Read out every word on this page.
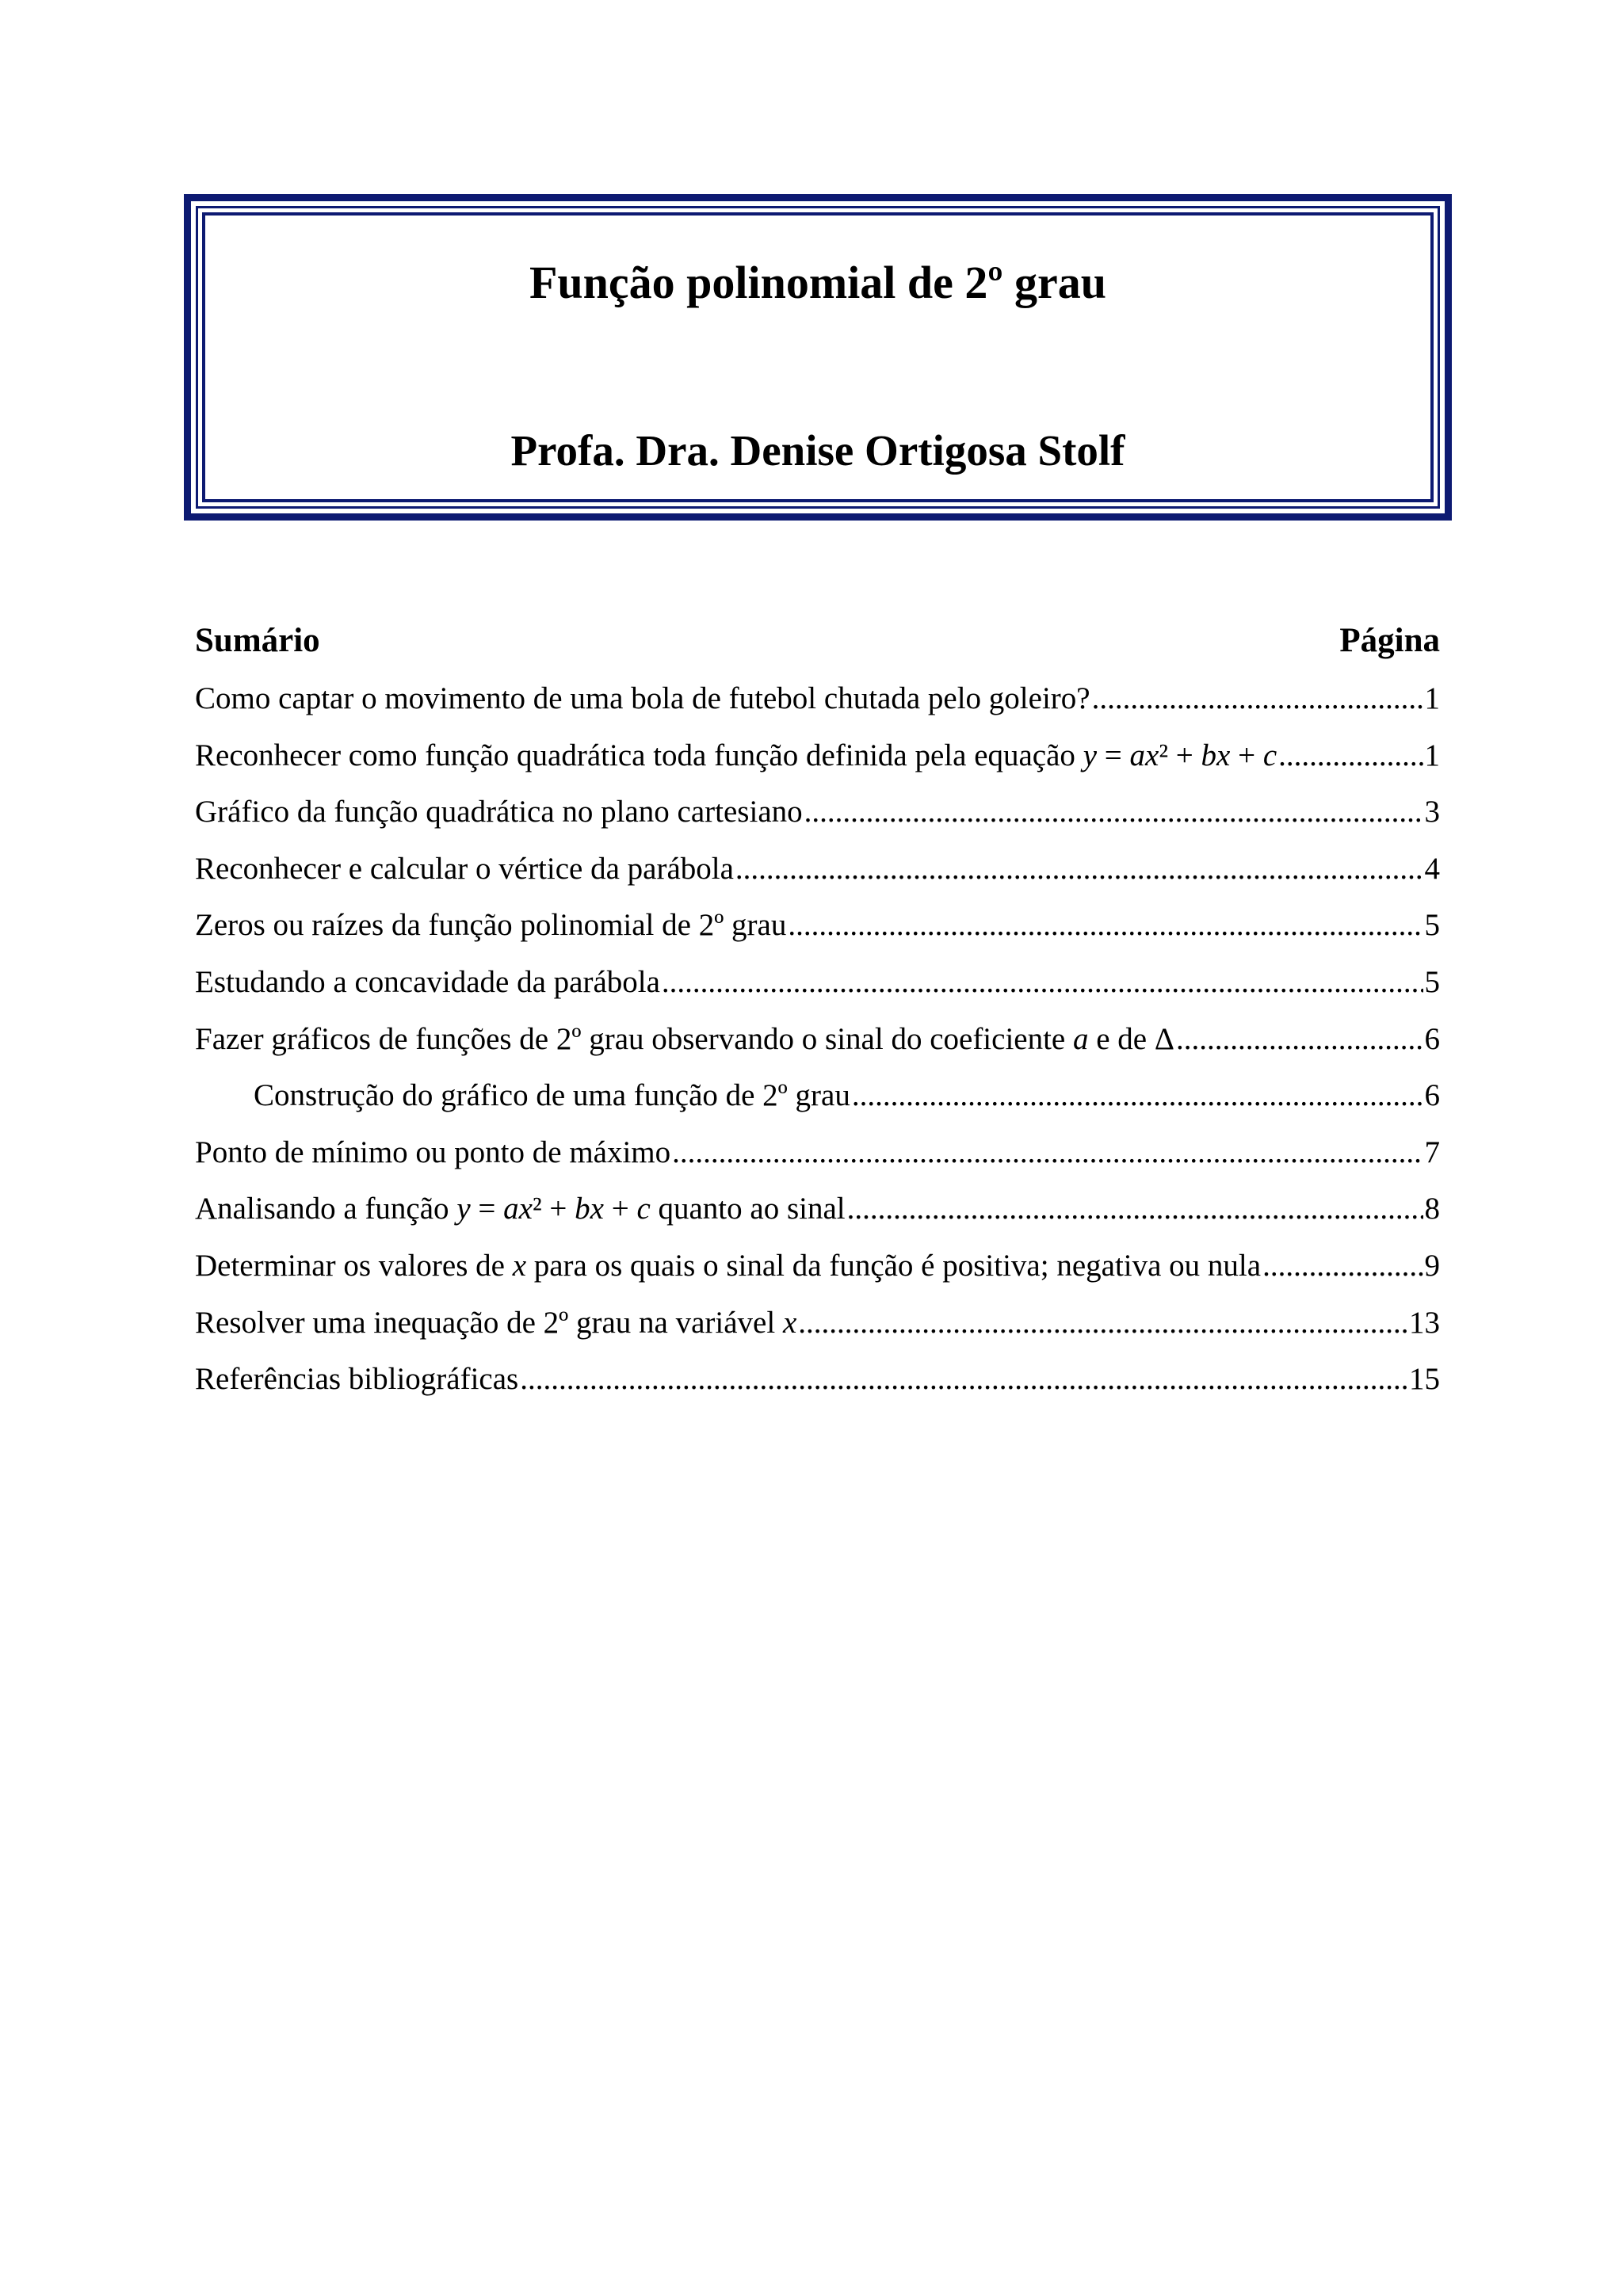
Função polinomial de 2º grau
Profa. Dra. Denise Ortigosa Stolf
Sumário	Página
Como captar o movimento de uma bola de futebol chutada pelo goleiro? .....	1
Reconhecer como função quadrática toda função definida pela equação y = ax² + bx + c .....	1
Gráfico da função quadrática no plano cartesiano .....	3
Reconhecer e calcular o vértice da parábola .....	4
Zeros ou raízes da função polinomial de 2º grau .....	5
Estudando a concavidade da parábola .....	5
Fazer gráficos de funções de 2º grau observando o sinal do coeficiente a e de Δ .....	6
Construção do gráfico de uma função de 2º grau .....	6
Ponto de mínimo ou ponto de máximo .....	7
Analisando a função y = ax² + bx + c quanto ao sinal .....	8
Determinar os valores de x para os quais o sinal da função é positiva; negativa ou nula .....	9
Resolver uma inequação de 2º grau na variável x .....	13
Referências bibliográficas .....	15
